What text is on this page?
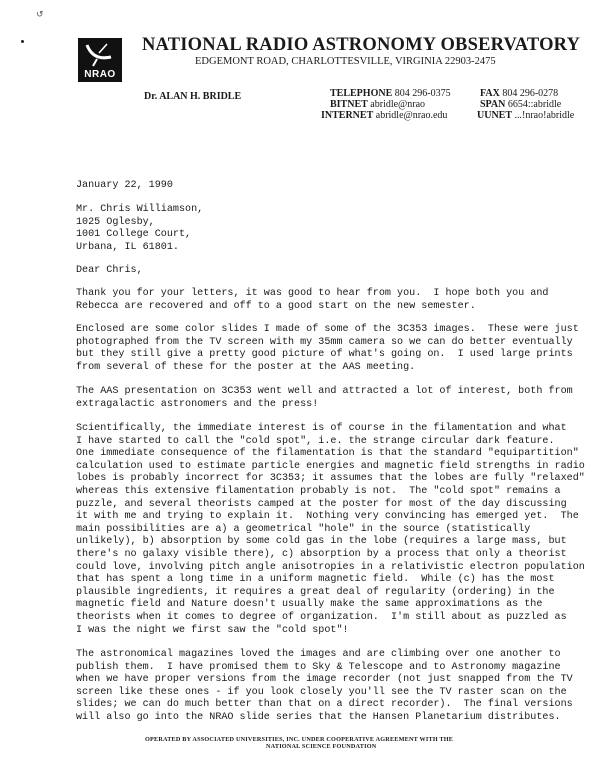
↺
NRAO
NATIONAL RADIO ASTRONOMY OBSERVATORY
EDGEMONT ROAD, CHARLOTTESVILLE, VIRGINIA 22903-2475
Dr. ALAN H. BRIDLE	TELEPHONE 804 296-0375	FAX 804 296-0278
BITNET abridle@nrao	SPAN 6654::abridle
INTERNET abridle@nrao.edu	UUNET ...!nrao!abridle
January 22, 1990
Mr. Chris Williamson,
1025 Oglesby,
1001 College Court,
Urbana, IL 61801.
Dear Chris,
Thank you for your letters, it was good to hear from you.  I hope both you and
Rebecca are recovered and off to a good start on the new semester.
Enclosed are some color slides I made of some of the 3C353 images.  These were just
photographed from the TV screen with my 35mm camera so we can do better eventually
but they still give a pretty good picture of what's going on.  I used large prints
from several of these for the poster at the AAS meeting.
The AAS presentation on 3C353 went well and attracted a lot of interest, both from
extragalactic astronomers and the press!
Scientifically, the immediate interest is of course in the filamentation and what
I have started to call the "cold spot", i.e. the strange circular dark feature.
One immediate consequence of the filamentation is that the standard "equipartition"
calculation used to estimate particle energies and magnetic field strengths in radio
lobes is probably incorrect for 3C353; it assumes that the lobes are fully "relaxed"
whereas this extensive filamentation probably is not.  The "cold spot" remains a
puzzle, and several theorists camped at the poster for most of the day discussing
it with me and trying to explain it.  Nothing very convincing has emerged yet.  The
main possibilities are a) a geometrical "hole" in the source (statistically
unlikely), b) absorption by some cold gas in the lobe (requires a large mass, but
there's no galaxy visible there), c) absorption by a process that only a theorist
could love, involving pitch angle anisotropies in a relativistic electron population
that has spent a long time in a uniform magnetic field.  While (c) has the most
plausible ingredients, it requires a great deal of regularity (ordering) in the
magnetic field and Nature doesn't usually make the same approximations as the
theorists when it comes to degree of organization.  I'm still about as puzzled as
I was the night we first saw the "cold spot"!
The astronomical magazines loved the images and are climbing over one another to
publish them.  I have promised them to Sky & Telescope and to Astronomy magazine
when we have proper versions from the image recorder (not just snapped from the TV
screen like these ones - if you look closely you'll see the TV raster scan on the
slides; we can do much better than that on a direct recorder).  The final versions
will also go into the NRAO slide series that the Hansen Planetarium distributes.
OPERATED BY ASSOCIATED UNIVERSITIES, INC. UNDER COOPERATIVE AGREEMENT WITH THE
NATIONAL SCIENCE FOUNDATION
